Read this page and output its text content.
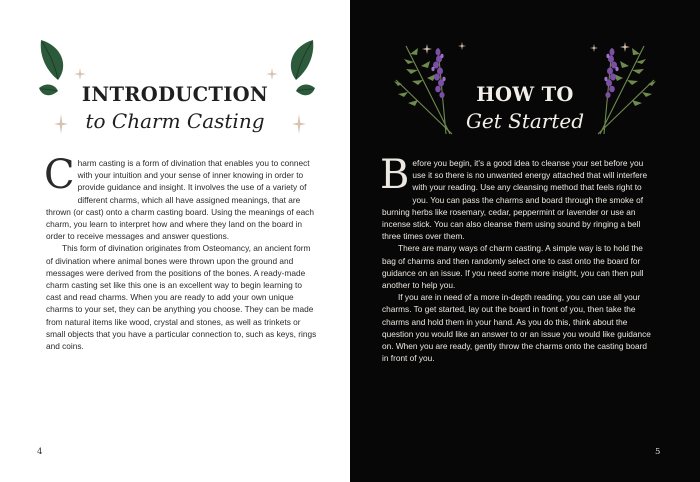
INTRODUCTION
to Charm Casting
C harm casting is a form of divination that enables you to connect with your intuition and your sense of inner knowing in order to provide guidance and insight. It involves the use of a variety of different charms, which all have assigned meanings, that are thrown (or cast) onto a charm casting board. Using the meanings of each charm, you learn to interpret how and where they land on the board in order to receive messages and answer questions.
This form of divination originates from Osteomancy, an ancient form of divination where animal bones were thrown upon the ground and messages were derived from the positions of the bones. A ready-made charm casting set like this one is an excellent way to begin learning to cast and read charms. When you are ready to add your own unique charms to your set, they can be anything you choose. They can be made from natural items like wood, crystal and stones, as well as trinkets or small objects that you have a particular connection to, such as keys, rings and coins.
4
HOW TO
Get Started
B efore you begin, it's a good idea to cleanse your set before you use it so there is no unwanted energy attached that will interfere with your reading. Use any cleansing method that feels right to you. You can pass the charms and board through the smoke of burning herbs like rosemary, cedar, peppermint or lavender or use an incense stick. You can also cleanse them using sound by ringing a bell three times over them.
There are many ways of charm casting. A simple way is to hold the bag of charms and then randomly select one to cast onto the board for guidance on an issue. If you need some more insight, you can then pull another to help you.
If you are in need of a more in-depth reading, you can use all your charms. To get started, lay out the board in front of you, then take the charms and hold them in your hand. As you do this, think about the question you would like an answer to or an issue you would like guidance on. When you are ready, gently throw the charms onto the casting board in front of you.
5
